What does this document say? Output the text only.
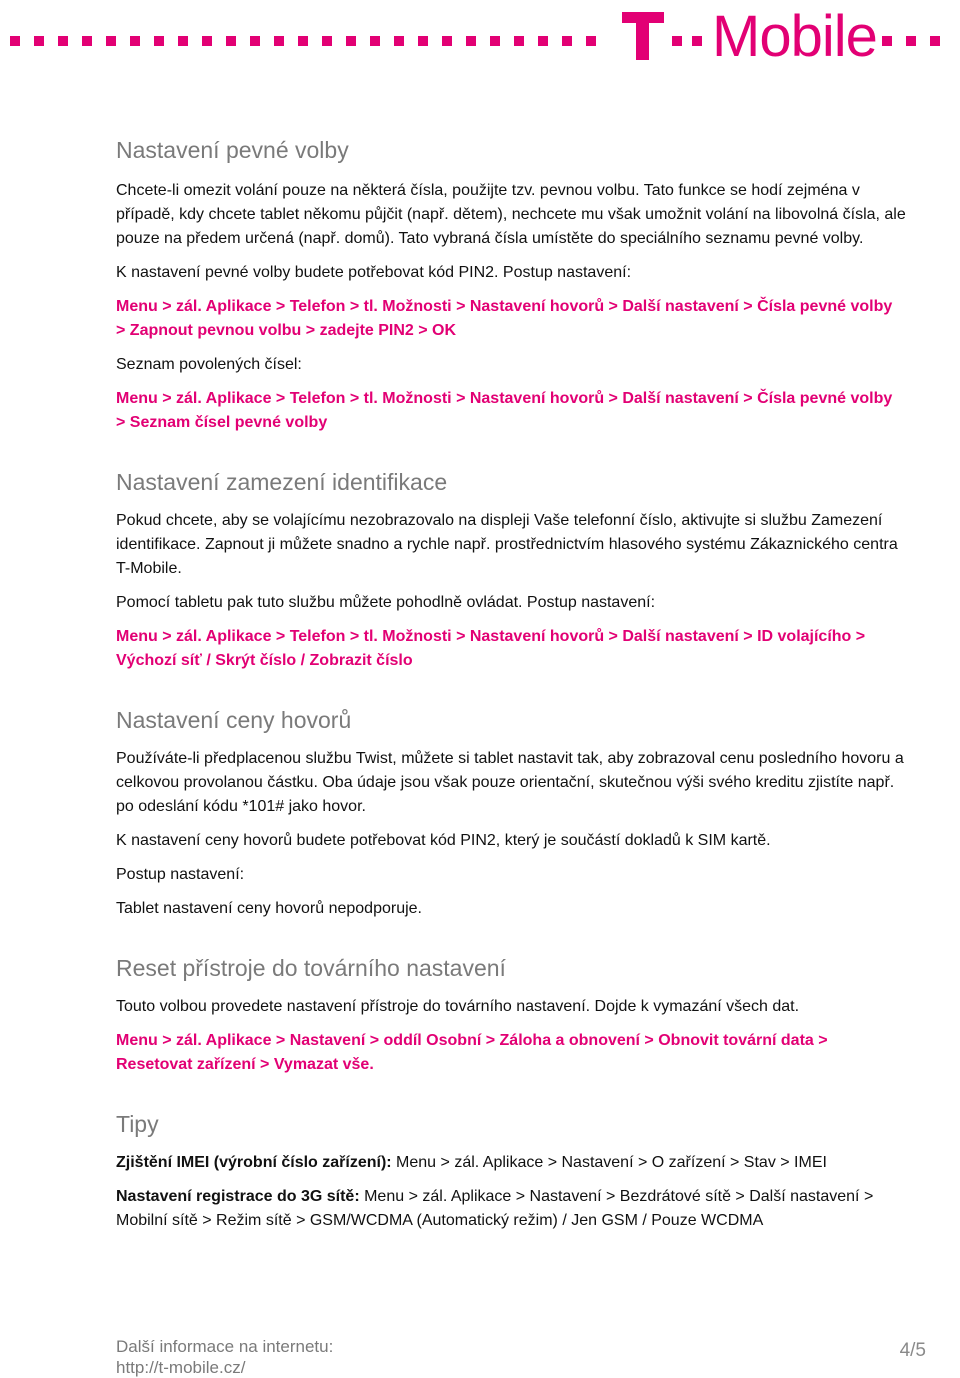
Mobile
Nastavení pevné volby

Chcete-li omezit volání pouze na některá čísla, použijte tzv. pevnou volbu. Tato funkce se hodí zejména v případě, kdy chcete tablet někomu půjčit (např. dětem), nechcete mu však umožnit volání na libovolná čísla, ale pouze na předem určená (např. domů). Tato vybraná čísla umístěte do speciálního seznamu pevné volby.

K nastavení pevné volby budete potřebovat kód PIN2. Postup nastavení:

Menu > zál. Aplikace > Telefon > tl. Možnosti > Nastavení hovorů > Další nastavení > Čísla pevné volby > Zapnout pevnou volbu > zadejte PIN2 > OK

Seznam povolených čísel:

Menu > zál. Aplikace > Telefon > tl. Možnosti > Nastavení hovorů > Další nastavení > Čísla pevné volby > Seznam čísel pevné volby

Nastavení zamezení identifikace

Pokud chcete, aby se volajícímu nezobrazovalo na displeji Vaše telefonní číslo, aktivujte si službu Zamezení identifikace. Zapnout ji můžete snadno a rychle např. prostřednictvím hlasového systému Zákaznického centra T-Mobile.

Pomocí tabletu pak tuto službu můžete pohodlně ovládat. Postup nastavení:

Menu > zál. Aplikace > Telefon > tl. Možnosti > Nastavení hovorů > Další nastavení > ID volajícího > Výchozí síť / Skrýt číslo / Zobrazit číslo

Nastavení ceny hovorů

Používáte-li předplacenou službu Twist, můžete si tablet nastavit tak, aby zobrazoval cenu posledního hovoru a celkovou provolanou částku. Oba údaje jsou však pouze orientační, skutečnou výši svého kreditu zjistíte např. po odeslání kódu *101# jako hovor.

K nastavení ceny hovorů budete potřebovat kód PIN2, který je součástí dokladů k SIM kartě.

Postup nastavení:

Tablet nastavení ceny hovorů nepodporuje.

Reset přístroje do továrního nastavení

Touto volbou provedete nastavení přístroje do továrního nastavení. Dojde k vymazání všech dat.

Menu > zál. Aplikace > Nastavení > oddíl Osobní > Záloha a obnovení > Obnovit tovární data > Resetovat zařízení > Vymazat vše.

Tipy

Zjištění IMEI (výrobní číslo zařízení): Menu > zál. Aplikace > Nastavení > O zařízení > Stav > IMEI

Nastavení registrace do 3G sítě: Menu > zál. Aplikace > Nastavení > Bezdrátové sítě > Další nastavení > Mobilní sítě > Režim sítě > GSM/WCDMA (Automatický režim) / Jen GSM / Pouze WCDMA

Další informace na internetu:
http://t-mobile.cz/
4/5
